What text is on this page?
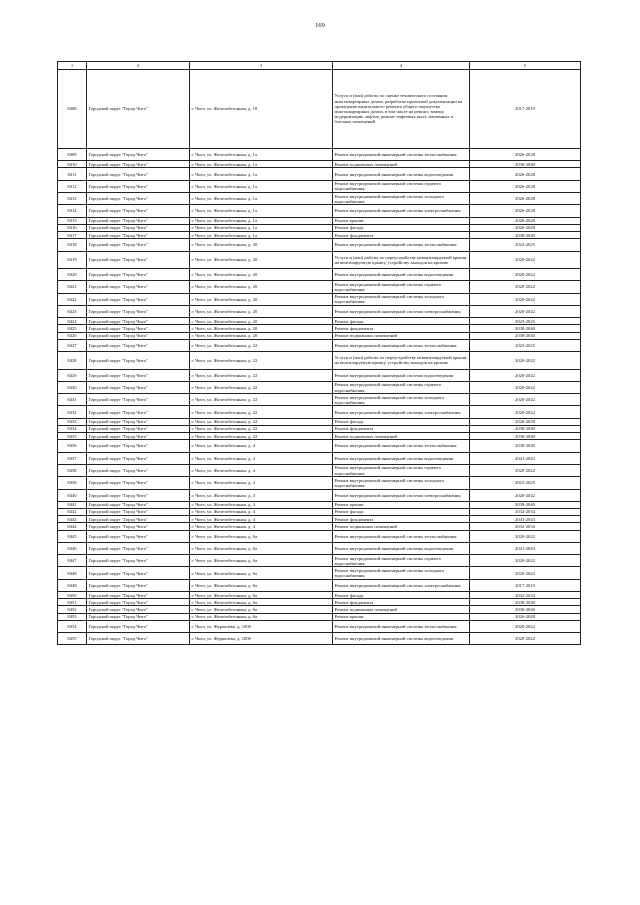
169
1	2	3	4	5
8408	Городской округ "Город Чита"	г. Чита, ул. Железобетонная, д. 18	Услуги и (или) работы по оценке технического состояния многоквартирных домов, разработке проектной документации на проведение капитального ремонта общего имущества многоквартирных домов, в том числе на ремонт, замену, модернизацию лифтов, ремонт лифтовых шахт, машинных и блочных помещений	2017-2019
8409	Городской округ "Город Чита"	г. Чита, ул. Железобетонная, д. 1а	Ремонт внутридомовой инженерной системы теплоснабжения	2026-2028
8410	Городской округ "Город Чита"	г. Чита, ул. Железобетонная, д. 1а	Ремонт подвальных помещений	2038-2040
8411	Городской округ "Город Чита"	г. Чита, ул. Железобетонная, д. 1а	Ремонт внутридомовой инженерной системы водоотведения	2026-2028
8412	Городской округ "Город Чита"	г. Чита, ул. Железобетонная, д. 1а	Ремонт внутридомовой инженерной системы горячего водоснабжения	2026-2028
8413	Городской округ "Город Чита"	г. Чита, ул. Железобетонная, д. 1а	Ремонт внутридомовой инженерной системы холодного водоснабжения	2026-2028
8414	Городской округ "Город Чита"	г. Чита, ул. Железобетонная, д. 1а	Ремонт внутридомовой инженерной системы электроснабжения	2026-2028
8415	Городской округ "Город Чита"	г. Чита, ул. Железобетонная, д. 1а	Ремонт крыши	2026-2028
8416	Городской округ "Город Чита"	г. Чита, ул. Железобетонная, д. 1а	Ремонт фасада	2026-2028
8417	Городской округ "Город Чита"	г. Чита, ул. Железобетонная, д. 1а	Ремонт фундамента	2038-2040
8418	Городской округ "Город Чита"	г. Чита, ул. Железобетонная, д. 20	Ремонт внутридомовой инженерной системы теплоснабжения	2023-2025
8419	Городской округ "Город Чита"	г. Чита, ул. Железобетонная, д. 20	Услуги и (или) работы по переустройству невентилируемой крыши на вентилируемую крышу, устройству выходов на кровлю	2020-2022
8420	Городской округ "Город Чита"	г. Чита, ул. Железобетонная, д. 20	Ремонт внутридомовой инженерной системы водоотведения	2020-2022
8421	Городской округ "Город Чита"	г. Чита, ул. Железобетонная, д. 20	Ремонт внутридомовой инженерной системы горячего водоснабжения	2020-2022
8422	Городской округ "Город Чита"	г. Чита, ул. Железобетонная, д. 20	Ремонт внутридомовой инженерной системы холодного водоснабжения	2020-2022
8423	Городской округ "Город Чита"	г. Чита, ул. Железобетонная, д. 20	Ремонт внутридомовой инженерной системы электроснабжения	2020-2022
8424	Городской округ "Город Чита"	г. Чита, ул. Железобетонная, д. 20	Ремонт фасада	2023-2025
8425	Городской округ "Город Чита"	г. Чита, ул. Железобетонная, д. 20	Ремонт фундамента	2038-2040
8426	Городской округ "Город Чита"	г. Чита, ул. Железобетонная, д. 20	Ремонт подвальных помещений	2038-2040
8427	Городской округ "Город Чита"	г. Чита, ул. Железобетонная, д. 22	Ремонт внутридомовой инженерной системы теплоснабжения	2023-2025
8428	Городской округ "Город Чита"	г. Чита, ул. Железобетонная, д. 22	Услуги и (или) работы по переустройству невентилируемой крыши на вентилируемую крышу, устройству выходов на кровлю	2020-2022
8429	Городской округ "Город Чита"	г. Чита, ул. Железобетонная, д. 22	Ремонт внутридомовой инженерной системы водоотведения	2020-2022
8430	Городской округ "Город Чита"	г. Чита, ул. Железобетонная, д. 22	Ремонт внутридомовой инженерной системы горячего водоснабжения	2020-2022
8431	Городской округ "Город Чита"	г. Чита, ул. Железобетонная, д. 22	Ремонт внутридомовой инженерной системы холодного водоснабжения	2020-2022
8432	Городской округ "Город Чита"	г. Чита, ул. Железобетонная, д. 22	Ремонт внутридомовой инженерной системы электроснабжения	2020-2022
8433	Городской округ "Город Чита"	г. Чита, ул. Железобетонная, д. 22	Ремонт фасада	2026-2028
8434	Городской округ "Город Чита"	г. Чита, ул. Железобетонная, д. 22	Ремонт фундамента	2038-2040
8435	Городской округ "Город Чита"	г. Чита, ул. Железобетонная, д. 22	Ремонт подвальных помещений	2038-2040
8436	Городской округ "Город Чита"	г. Чита, ул. Железобетонная, д. 4	Ремонт внутридомовой инженерной системы теплоснабжения	2038-2040
8437	Городской округ "Город Чита"	г. Чита, ул. Железобетонная, д. 4	Ремонт внутридомовой инженерной системы водоотведения	2041-2043
8438	Городской округ "Город Чита"	г. Чита, ул. Железобетонная, д. 4	Ремонт внутридомовой инженерной системы горячего водоснабжения	2020-2022
8439	Городской округ "Город Чита"	г. Чита, ул. Железобетонная, д. 4	Ремонт внутридомовой инженерной системы холодного водоснабжения	2023-2025
8440	Городской округ "Город Чита"	г. Чита, ул. Железобетонная, д. 4	Ремонт внутридомовой инженерной системы электроснабжения	2020-2022
8441	Городской округ "Город Чита"	г. Чита, ул. Железобетонная, д. 4	Ремонт крыши	2038-2040
8442	Городской округ "Город Чита"	г. Чита, ул. Железобетонная, д. 4	Ремонт фасада	2032-2034
8443	Городской округ "Город Чита"	г. Чита, ул. Железобетонная, д. 4	Ремонт фундамента	2041-2043
8444	Городской округ "Город Чита"	г. Чита, ул. Железобетонная, д. 4	Ремонт подвальных помещений	2032-2034
8445	Городской округ "Город Чита"	г. Чита, ул. Железобетонная, д. 6а	Ремонт внутридомовой инженерной системы теплоснабжения	2020-2022
8446	Городской округ "Город Чита"	г. Чита, ул. Железобетонная, д. 6а	Ремонт внутридомовой инженерной системы водоотведения	2041-2043
8447	Городской округ "Город Чита"	г. Чита, ул. Железобетонная, д. 6а	Ремонт внутридомовой инженерной системы горячего водоснабжения	2020-2022
8448	Городской округ "Город Чита"	г. Чита, ул. Железобетонная, д. 6а	Ремонт внутридомовой инженерной системы холодного водоснабжения	2020-2022
8449	Городской округ "Город Чита"	г. Чита, ул. Железобетонная, д. 6а	Ремонт внутридомовой инженерной системы электроснабжения	2017-2019
8450	Городской округ "Город Чита"	г. Чита, ул. Железобетонная, д. 6а	Ремонт фасада	2032-2034
8451	Городской округ "Город Чита"	г. Чита, ул. Железобетонная, д. 6а	Ремонт фундамента	2038-2040
8452	Городской округ "Город Чита"	г. Чита, ул. Железобетонная, д. 6а	Ремонт подвальных помещений	2038-2040
8453	Городской округ "Город Чита"	г. Чита, ул. Железобетонная, д. 6а	Ремонт крыши	2026-2028
8454	Городской округ "Город Чита"	г. Чита, ул. Журавлева, д. 100б	Ремонт внутридомовой инженерной системы теплоснабжения	2020-2022
8455	Городской округ "Город Чита"	г. Чита, ул. Журавлева, д. 100б	Ремонт внутридомовой инженерной системы водоотведения	2020-2022
